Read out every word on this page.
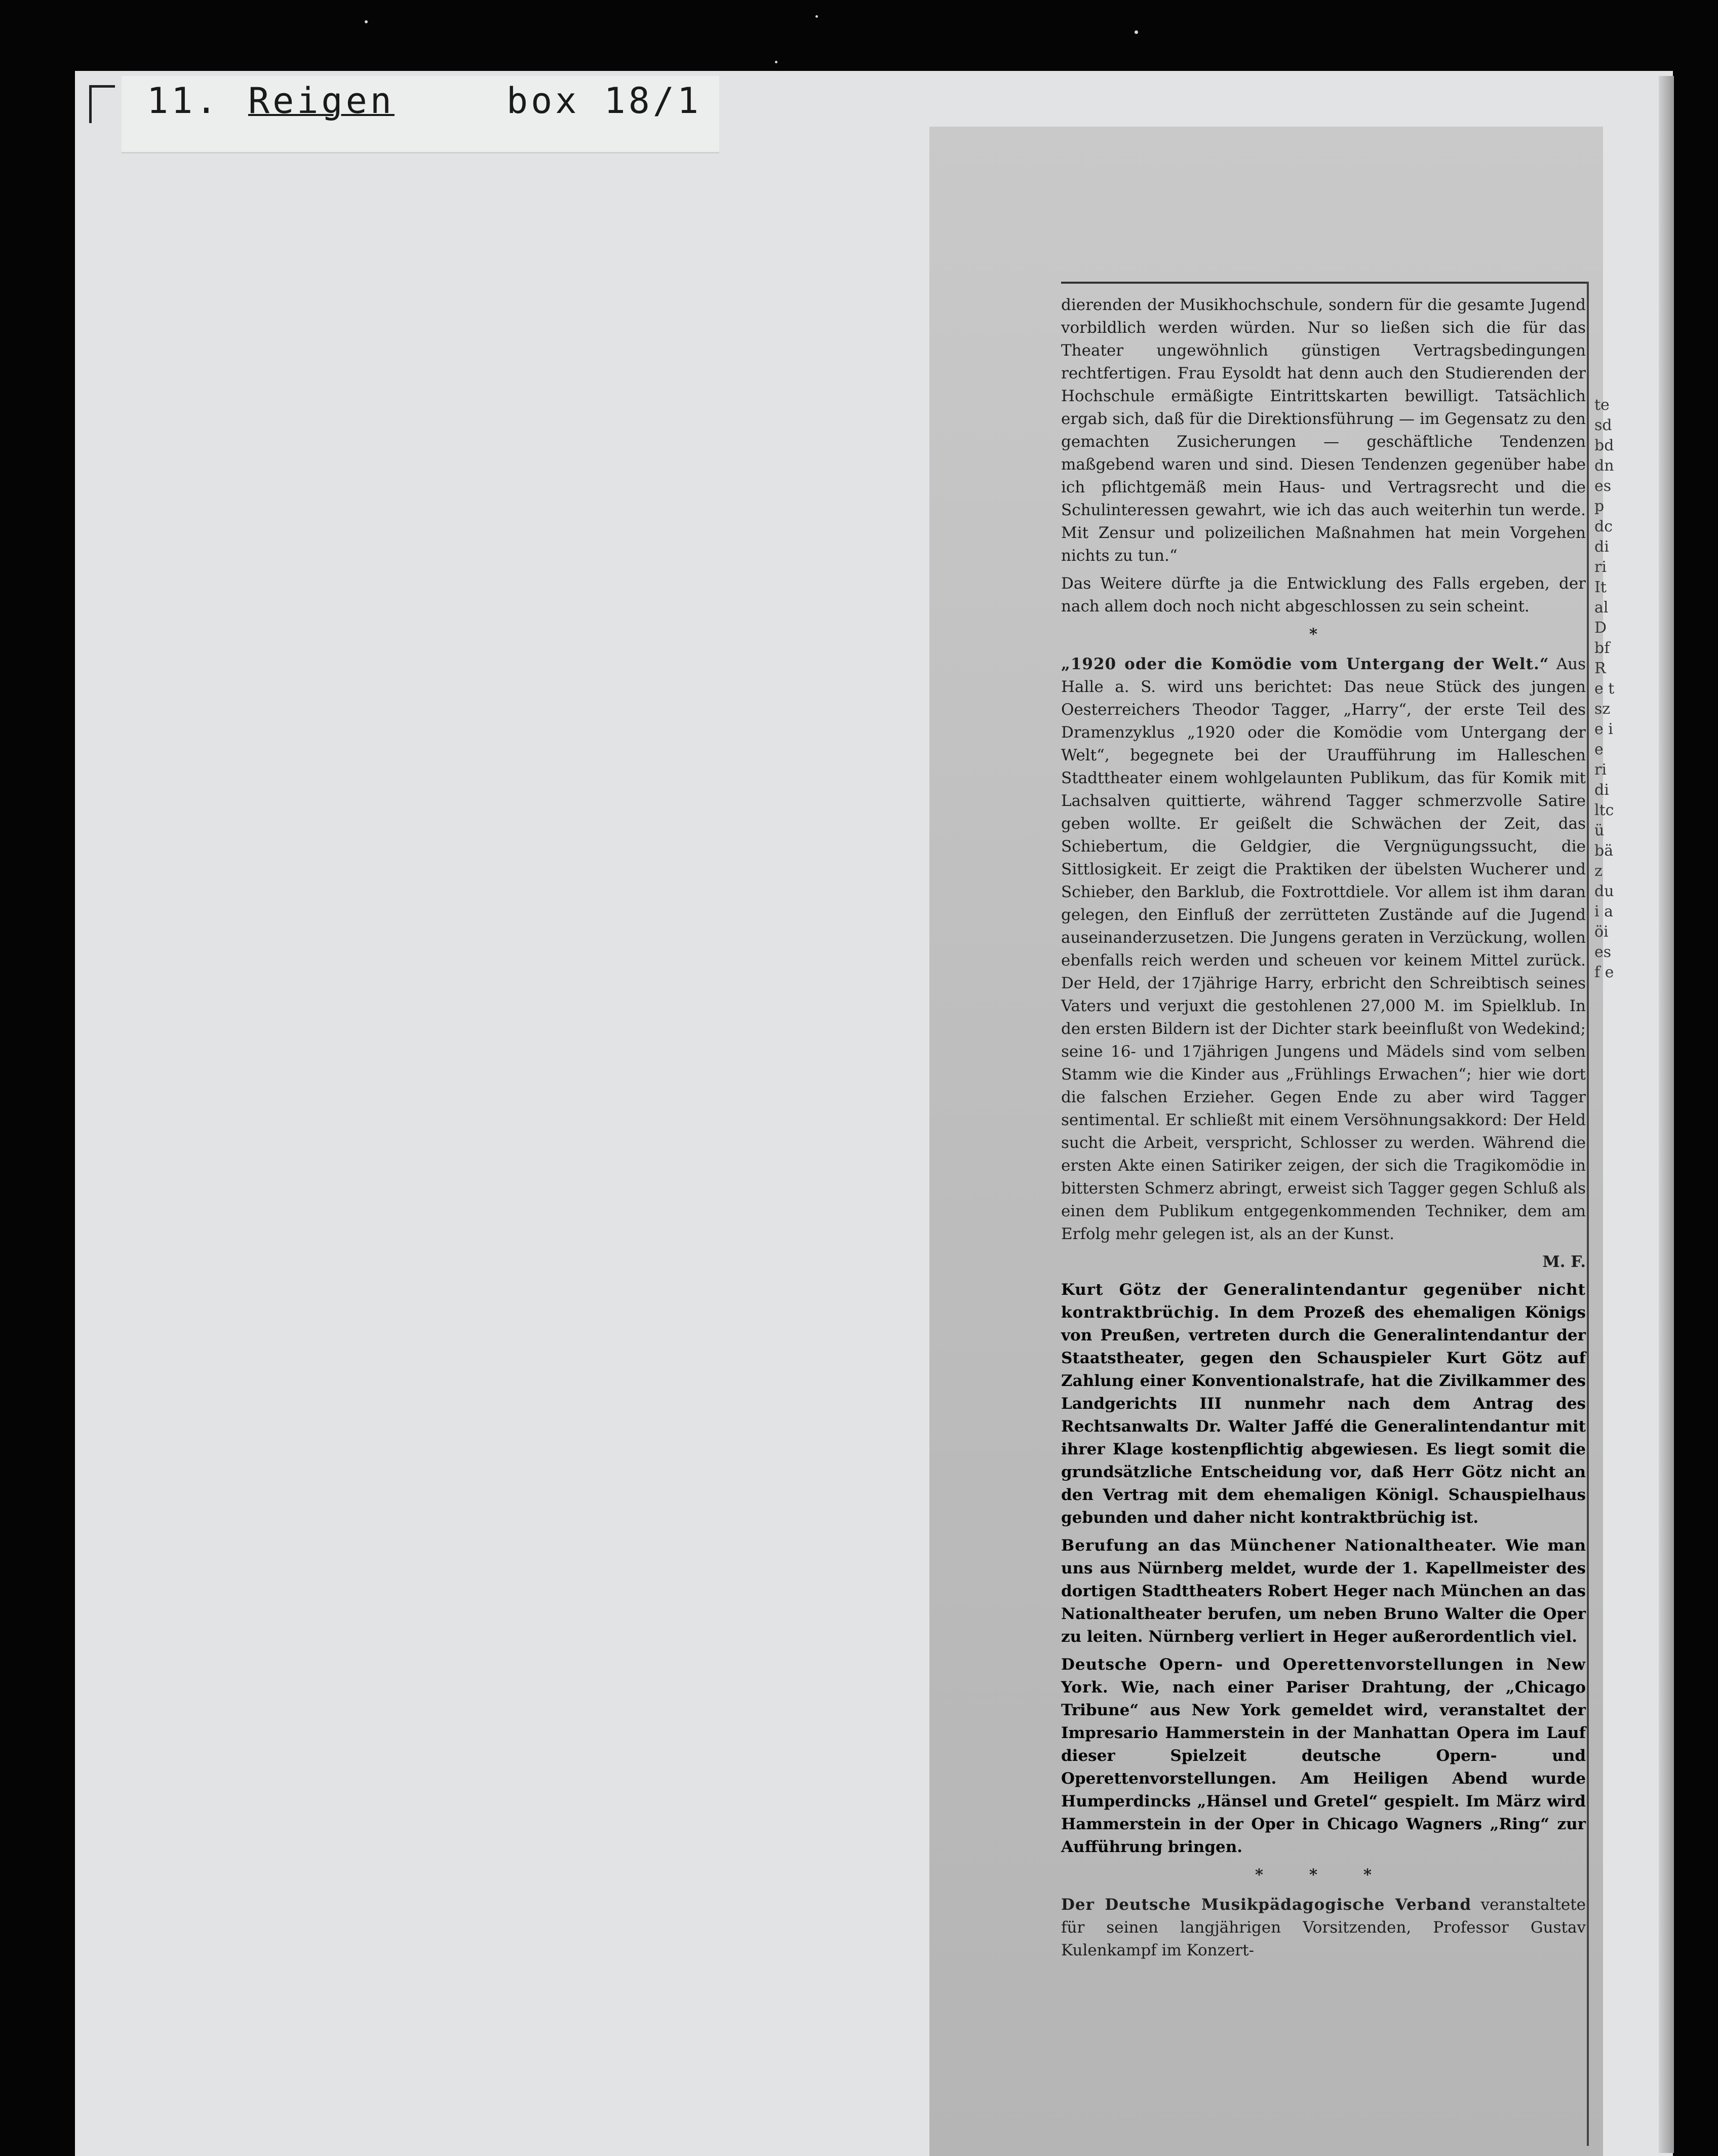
11. Reigen	box 18/1
tesdbddnesp dcdi ri Ital Dbf Re tsze ie ri di ltc ü bäz dui aöi esf e

dierenden der Musikhochschule, sondern für die gesamte Jugend vorbildlich werden würden. Nur so ließen sich die für das Theater ungewöhnlich günstigen Vertragsbedingungen rechtfertigen. Frau Eysoldt hat denn auch den Studierenden der Hochschule ermäßigte Eintrittskarten bewilligt. Tatsächlich ergab sich, daß für die Direktionsführung — im Gegensatz zu den gemachten Zusicherungen — geschäftliche Tendenzen maßgebend waren und sind. Diesen Tendenzen gegenüber habe ich pflichtgemäß mein Haus- und Vertragsrecht und die Schulinteressen gewahrt, wie ich das auch weiterhin tun werde. Mit Zensur und polizeilichen Maßnahmen hat mein Vorgehen nichts zu tun.“

Das Weitere dürfte ja die Entwicklung des Falls ergeben, der nach allem doch noch nicht abgeschlossen zu sein scheint.

*

„1920 oder die Komödie vom Untergang der Welt.“ Aus Halle a. S. wird uns berichtet: Das neue Stück des jungen Oesterreichers Theodor Tagger, „Harry“, der erste Teil des Dramenzyklus „1920 oder die Komödie vom Untergang der Welt“, begegnete bei der Uraufführung im Halleschen Stadttheater einem wohlgelaunten Publikum, das für Komik mit Lachsalven quittierte, während Tagger schmerzvolle Satire geben wollte. Er geißelt die Schwächen der Zeit, das Schiebertum, die Geldgier, die Vergnügungssucht, die Sittlosigkeit. Er zeigt die Praktiken der übelsten Wucherer und Schieber, den Barklub, die Foxtrottdiele. Vor allem ist ihm daran gelegen, den Einfluß der zerrütteten Zustände auf die Jugend auseinanderzusetzen. Die Jungens geraten in Verzückung, wollen ebenfalls reich werden und scheuen vor keinem Mittel zurück. Der Held, der 17jährige Harry, erbricht den Schreibtisch seines Vaters und verjuxt die gestohlenen 27,000 M. im Spielklub. In den ersten Bildern ist der Dichter stark beeinflußt von Wedekind; seine 16- und 17jährigen Jungens und Mädels sind vom selben Stamm wie die Kinder aus „Frühlings Erwachen“; hier wie dort die falschen Erzieher. Gegen Ende zu aber wird Tagger sentimental. Er schließt mit einem Versöhnungsakkord: Der Held sucht die Arbeit, verspricht, Schlosser zu werden. Während die ersten Akte einen Satiriker zeigen, der sich die Tragikomödie in bittersten Schmerz abringt, erweist sich Tagger gegen Schluß als einen dem Publikum entgegenkommenden Techniker, dem am Erfolg mehr gelegen ist, als an der Kunst.

M. F.

Kurt Götz der Generalintendantur gegenüber nicht kontraktbrüchig. In dem Prozeß des ehemaligen Königs von Preußen, vertreten durch die Generalintendantur der Staatstheater, gegen den Schauspieler Kurt Götz auf Zahlung einer Konventionalstrafe, hat die Zivilkammer des Landgerichts III nunmehr nach dem Antrag des Rechtsanwalts Dr. Walter Jaffé die Generalintendantur mit ihrer Klage kostenpflichtig abgewiesen. Es liegt somit die grundsätzliche Entscheidung vor, daß Herr Götz nicht an den Vertrag mit dem ehemaligen Königl. Schauspielhaus gebunden und daher nicht kontraktbrüchig ist.

Berufung an das Münchener Nationaltheater. Wie man uns aus Nürnberg meldet, wurde der 1. Kapellmeister des dortigen Stadttheaters Robert Heger nach München an das Nationaltheater berufen, um neben Bruno Walter die Oper zu leiten. Nürnberg verliert in Heger außerordentlich viel.

Deutsche Opern- und Operettenvorstellungen in New York. Wie, nach einer Pariser Drahtung, der „Chicago Tribune“ aus New York gemeldet wird, veranstaltet der Impresario Hammerstein in der Manhattan Opera im Lauf dieser Spielzeit deutsche Opern- und Operettenvorstellungen. Am Heiligen Abend wurde Humperdincks „Hänsel und Gretel“ gespielt. Im März wird Hammerstein in der Oper in Chicago Wagners „Ring“ zur Aufführung bringen.

* * *

Der Deutsche Musikpädagogische Verband veranstaltete für seinen langjährigen Vorsitzenden, Professor Gustav Kulenkampf im Konzert-
